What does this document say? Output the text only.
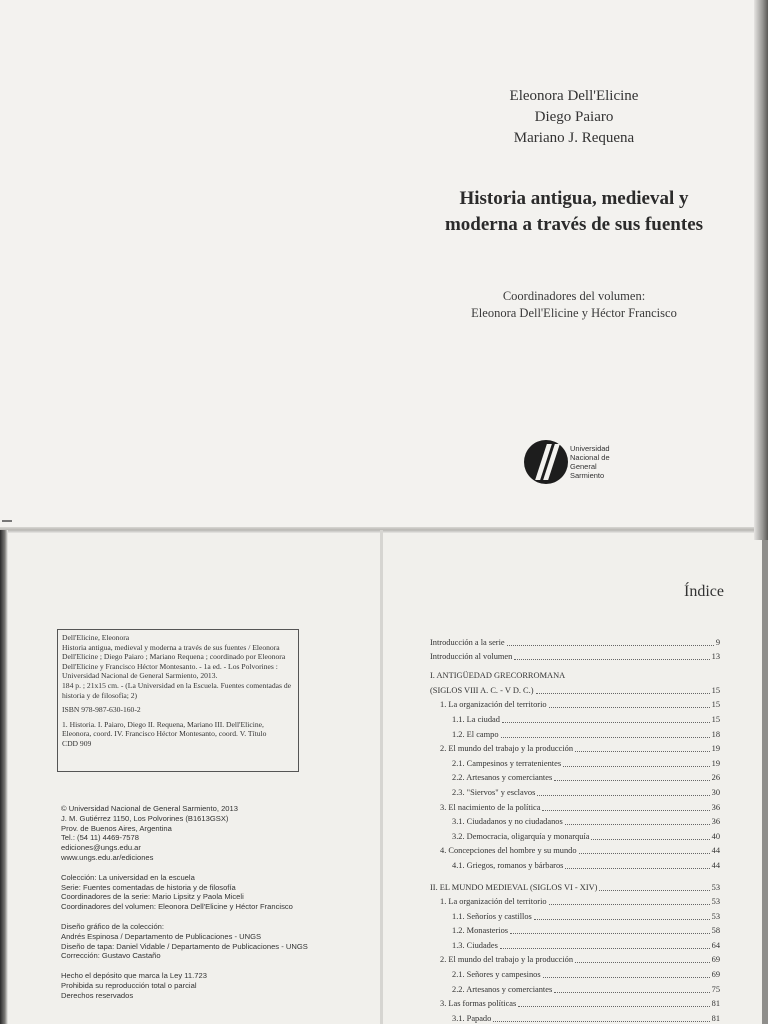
Eleonora Dell'Elicine
Diego Paiaro
Mariano J. Requena
Historia antigua, medieval y
moderna a través de sus fuentes
Coordinadores del volumen:
Eleonora Dell'Elicine y Héctor Francisco
Universidad
Nacional de
General
Sarmiento

Dell'Elicine, Eleonora

Historia antigua, medieval y moderna a través de sus fuentes / Eleonora Dell'Elicine ; Diego Paiaro ; Mariano Requena ; coordinado por Eleonora Dell'Elicine y Francisco Héctor Montesanto. - 1a ed. - Los Polvorines : Universidad Nacional de General Sarmiento, 2013.

184 p. ; 21x15 cm. - (La Universidad en la Escuela. Fuentes comentadas de historia y de filosofía; 2)

ISBN 978-987-630-160-2

1. Historia. I. Paiaro, Diego II. Requena, Mariano III. Dell'Elicine, Eleonora, coord. IV. Francisco Héctor Montesanto, coord. V. Título

CDD 909

© Universidad Nacional de General Sarmiento, 2013

J. M. Gutiérrez 1150, Los Polvorines (B1613GSX)

Prov. de Buenos Aires, Argentina

Tel.: (54 11) 4469-7578

ediciones@ungs.edu.ar

www.ungs.edu.ar/ediciones

Colección: La universidad en la escuela

Serie: Fuentes comentadas de historia y de filosofía

Coordinadores de la serie: Mario Lipsitz y Paola Miceli

Coordinadores del volumen: Eleonora Dell'Elicine y Héctor Francisco

Diseño gráfico de la colección:

Andrés Espinosa / Departamento de Publicaciones - UNGS

Diseño de tapa: Daniel Vidable / Departamento de Publicaciones - UNGS

Corrección: Gustavo Castaño

Hecho el depósito que marca la Ley 11.723

Prohibida su reproducción total o parcial

Derechos reservados

Índice
Introducción a la serie	9
Introducción al volumen	13
I. ANTIGÜEDAD GRECORROMANA
(SIGLOS VIII A. C. - V D. C.)	15
1. La organización del territorio	15
1.1. La ciudad	15
1.2. El campo	18
2. El mundo del trabajo y la producción	19
2.1. Campesinos y terratenientes	19
2.2. Artesanos y comerciantes	26
2.3. "Siervos" y esclavos	30
3. El nacimiento de la política	36
3.1. Ciudadanos y no ciudadanos	36
3.2. Democracia, oligarquía y monarquía	40
4. Concepciones del hombre y su mundo	44
4.1. Griegos, romanos y bárbaros	44
II. EL MUNDO MEDIEVAL (SIGLOS VI - XIV)	53
1. La organización del territorio	53
1.1. Señoríos y castillos	53
1.2. Monasterios	58
1.3. Ciudades	64
2. El mundo del trabajo y la producción	69
2.1. Señores y campesinos	69
2.2. Artesanos y comerciantes	75
3. Las formas políticas	81
3.1. Papado	81
